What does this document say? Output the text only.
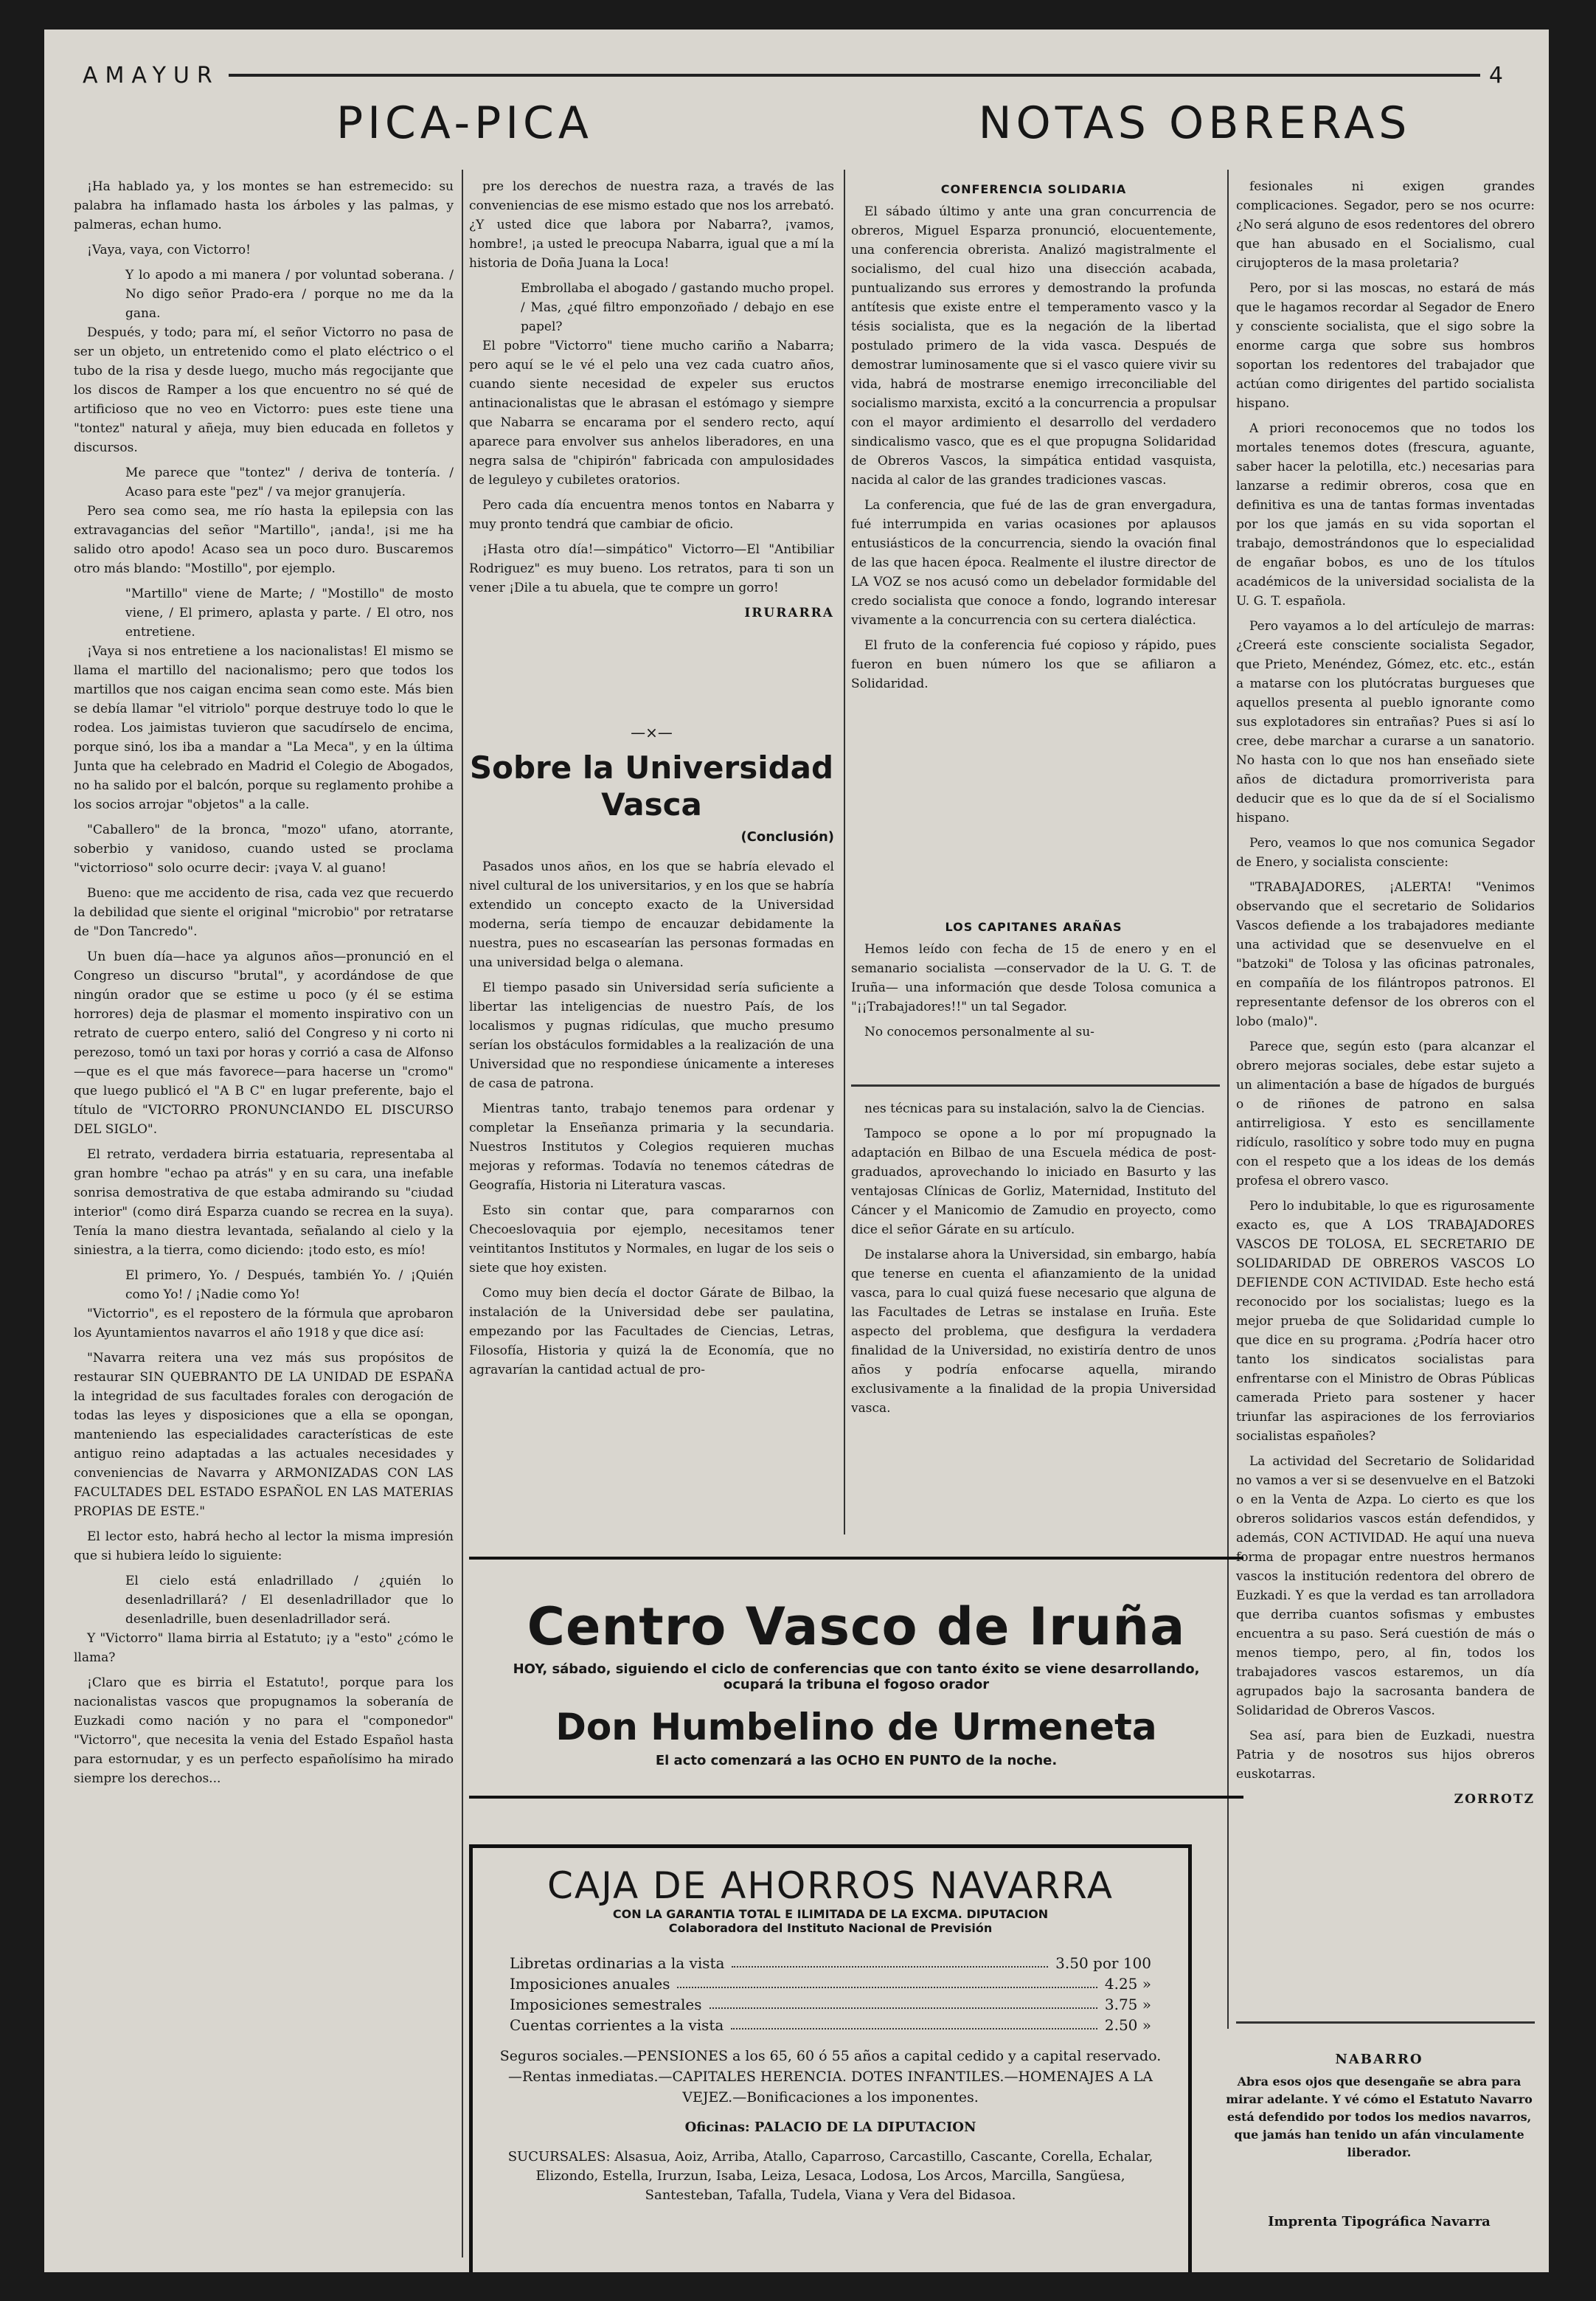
AMAYUR	4
PICA-PICA	NOTAS OBRERAS

¡Ha hablado ya, y los montes se han estremecido: su palabra ha inflamado hasta los árboles y las palmas, y palmeras, echan humo.

¡Vaya, vaya, con Victorro!

Y lo apodo a mi manera / por voluntad soberana. / No digo señor Prado-era / porque no me da la gana.

Después, y todo; para mí, el señor Victorro no pasa de ser un objeto, un entretenido como el plato eléctrico o el tubo de la risa y desde luego, mucho más regocijante que los discos de Ramper a los que encuentro no sé qué de artificioso que no veo en Victorro: pues este tiene una "tontez" natural y añeja, muy bien educada en folletos y discursos.

Me parece que "tontez" / deriva de tontería. / Acaso para este "pez" / va mejor granujería.

Pero sea como sea, me río hasta la epilepsia con las extravagancias del señor "Martillo", ¡anda!, ¡si me ha salido otro apodo! Acaso sea un poco duro. Buscaremos otro más blando: "Mostillo", por ejemplo.

"Martillo" viene de Marte; / "Mostillo" de mosto viene, / El primero, aplasta y parte. / El otro, nos entretiene.

¡Vaya si nos entretiene a los nacionalistas! El mismo se llama el martillo del nacionalismo; pero que todos los martillos que nos caigan encima sean como este. Más bien se debía llamar "el vitriolo" porque destruye todo lo que le rodea. Los jaimistas tuvieron que sacudírselo de encima, porque sinó, los iba a mandar a "La Meca", y en la última Junta que ha celebrado en Madrid el Colegio de Abogados, no ha salido por el balcón, porque su reglamento prohibe a los socios arrojar "objetos" a la calle.

"Caballero" de la bronca, "mozo" ufano, atorrante, soberbio y vanidoso, cuando usted se proclama "victorrioso" solo ocurre decir: ¡vaya V. al guano!

Bueno: que me accidento de risa, cada vez que recuerdo la debilidad que siente el original "microbio" por retratarse de "Don Tancredo".

Un buen día—hace ya algunos años—pronunció en el Congreso un discurso "brutal", y acordándose de que ningún orador que se estime u poco (y él se estima horrores) deja de plasmar el momento inspirativo con un retrato de cuerpo entero, salió del Congreso y ni corto ni perezoso, tomó un taxi por horas y corrió a casa de Alfonso—que es el que más favorece—para hacerse un "cromo" que luego publicó el "A B C" en lugar preferente, bajo el título de "VICTORRO PRONUNCIANDO EL DISCURSO DEL SIGLO".

El retrato, verdadera birria estatuaria, representaba al gran hombre "echao pa atrás" y en su cara, una inefable sonrisa demostrativa de que estaba admirando su "ciudad interior" (como dirá Esparza cuando se recrea en la suya). Tenía la mano diestra levantada, señalando al cielo y la siniestra, a la tierra, como diciendo: ¡todo esto, es mío!

El primero, Yo. / Después, también Yo. / ¡Quién como Yo! / ¡Nadie como Yo!

"Victorrio", es el repostero de la fórmula que aprobaron los Ayuntamientos navarros el año 1918 y que dice así:

"Navarra reitera una vez más sus propósitos de restaurar SIN QUEBRANTO DE LA UNIDAD DE ESPAÑA la integridad de sus facultades forales con derogación de todas las leyes y disposiciones que a ella se opongan, manteniendo las especialidades características de este antiguo reino adaptadas a las actuales necesidades y conveniencias de Navarra y ARMONIZADAS CON LAS FACULTADES DEL ESTADO ESPAÑOL EN LAS MATERIAS PROPIAS DE ESTE."

El lector esto, habrá hecho al lector la misma impresión que si hubiera leído lo siguiente:

El cielo está enladrillado / ¿quién lo desenladrillará? / El desenladrillador que lo desenladrille, buen desenladrillador será.

Y "Victorro" llama birria al Estatuto; ¡y a "esto" ¿cómo le llama?

¡Claro que es birria el Estatuto!, porque para los nacionalistas vascos que propugnamos la soberanía de Euzkadi como nación y no para el "componedor" "Victorro", que necesita la venia del Estado Español hasta para estornudar, y es un perfecto españolísimo ha mirado siempre los derechos...

pre los derechos de nuestra raza, a través de las conveniencias de ese mismo estado que nos los arrebató. ¿Y usted dice que labora por Nabarra?, ¡vamos, hombre!, ¡a usted le preocupa Nabarra, igual que a mí la historia de Doña Juana la Loca!

Embrollaba el abogado / gastando mucho propel. / Mas, ¿qué filtro emponzoñado / debajo en ese papel?

El pobre "Victorro" tiene mucho cariño a Nabarra; pero aquí se le vé el pelo una vez cada cuatro años, cuando siente necesidad de expeler sus eructos antinacionalistas que le abrasan el estómago y siempre que Nabarra se encarama por el sendero recto, aquí aparece para envolver sus anhelos liberadores, en una negra salsa de "chipirón" fabricada con ampulosidades de leguleyo y cubiletes oratorios.

Pero cada día encuentra menos tontos en Nabarra y muy pronto tendrá que cambiar de oficio.

¡Hasta otro día!—simpático" Victorro—El "Antibiliar Rodriguez" es muy bueno. Los retratos, para ti son un vener ¡Dile a tu abuela, que te compre un gorro!

IRURARRA
—×—
Sobre la Universidad Vasca
(Conclusión)

Pasados unos años, en los que se habría elevado el nivel cultural de los universitarios, y en los que se habría extendido un concepto exacto de la Universidad moderna, sería tiempo de encauzar debidamente la nuestra, pues no escasearían las personas formadas en una universidad belga o alemana.

El tiempo pasado sin Universidad sería suficiente a libertar las inteligencias de nuestro País, de los localismos y pugnas ridículas, que mucho presumo serían los obstáculos formidables a la realización de una Universidad que no respondiese únicamente a intereses de casa de patrona.

Mientras tanto, trabajo tenemos para ordenar y completar la Enseñanza primaria y la secundaria. Nuestros Institutos y Colegios requieren muchas mejoras y reformas. Todavía no tenemos cátedras de Geografía, Historia ni Literatura vascas.

Esto sin contar que, para compararnos con Checoeslovaquia por ejemplo, necesitamos tener veintitantos Institutos y Normales, en lugar de los seis o siete que hoy existen.

Como muy bien decía el doctor Gárate de Bilbao, la instalación de la Universidad debe ser paulatina, empezando por las Facultades de Ciencias, Letras, Filosofía, Historia y quizá la de Economía, que no agravarían la cantidad actual de pro-

CONFERENCIA SOLIDARIA

El sábado último y ante una gran concurrencia de obreros, Miguel Esparza pronunció, elocuentemente, una conferencia obrerista. Analizó magistralmente el socialismo, del cual hizo una disección acabada, puntualizando sus errores y demostrando la profunda antítesis que existe entre el temperamento vasco y la tésis socialista, que es la negación de la libertad postulado primero de la vida vasca. Después de demostrar luminosamente que si el vasco quiere vivir su vida, habrá de mostrarse enemigo irreconciliable del socialismo marxista, excitó a la concurrencia a propulsar con el mayor ardimiento el desarrollo del verdadero sindicalismo vasco, que es el que propugna Solidaridad de Obreros Vascos, la simpática entidad vasquista, nacida al calor de las grandes tradiciones vascas.

La conferencia, que fué de las de gran envergadura, fué interrumpida en varias ocasiones por aplausos entusiásticos de la concurrencia, siendo la ovación final de las que hacen época. Realmente el ilustre director de LA VOZ se nos acusó como un debelador formidable del credo socialista que conoce a fondo, logrando interesar vivamente a la concurrencia con su certera dialéctica.

El fruto de la conferencia fué copioso y rápido, pues fueron en buen número los que se afiliaron a Solidaridad.

LOS CAPITANES ARAÑAS

Hemos leído con fecha de 15 de enero y en el semanario socialista —conservador de la U. G. T. de Iruña— una información que desde Tolosa comunica a "¡¡Trabajadores!!" un tal Segador.

No conocemos personalmente al su-

nes técnicas para su instalación, salvo la de Ciencias.

Tampoco se opone a lo por mí propugnado la adaptación en Bilbao de una Escuela médica de post-graduados, aprovechando lo iniciado en Basurto y las ventajosas Clínicas de Gorliz, Maternidad, Instituto del Cáncer y el Manicomio de Zamudio en proyecto, como dice el señor Gárate en su artículo.

De instalarse ahora la Universidad, sin embargo, había que tenerse en cuenta el afianzamiento de la unidad vasca, para lo cual quizá fuese necesario que alguna de las Facultades de Letras se instalase en Iruña. Este aspecto del problema, que desfigura la verdadera finalidad de la Universidad, no existiría dentro de unos años y podría enfocarse aquella, mirando exclusivamente a la finalidad de la propia Universidad vasca.

fesionales ni exigen grandes complicaciones. Segador, pero se nos ocurre: ¿No será alguno de esos redentores del obrero que han abusado en el Socialismo, cual cirujopteros de la masa proletaria?

Pero, por si las moscas, no estará de más que le hagamos recordar al Segador de Enero y consciente socialista, que el sigo sobre la enorme carga que sobre sus hombros soportan los redentores del trabajador que actúan como dirigentes del partido socialista hispano.

A priori reconocemos que no todos los mortales tenemos dotes (frescura, aguante, saber hacer la pelotilla, etc.) necesarias para lanzarse a redimir obreros, cosa que en definitiva es una de tantas formas inventadas por los que jamás en su vida soportan el trabajo, demostrándonos que lo especialidad de engañar bobos, es uno de los títulos académicos de la universidad socialista de la U. G. T. española.

Pero vayamos a lo del artículejo de marras: ¿Creerá este consciente socialista Segador, que Prieto, Menéndez, Gómez, etc. etc., están a matarse con los plutócratas burgueses que aquellos presenta al pueblo ignorante como sus explotadores sin entrañas? Pues si así lo cree, debe marchar a curarse a un sanatorio. No hasta con lo que nos han enseñado siete años de dictadura promorriverista para deducir que es lo que da de sí el Socialismo hispano.

Pero, veamos lo que nos comunica Segador de Enero, y socialista consciente:

"TRABAJADORES, ¡ALERTA! "Venimos observando que el secretario de Solidarios Vascos defiende a los trabajadores mediante una actividad que se desenvuelve en el "batzoki" de Tolosa y las oficinas patronales, en compañía de los filántropos patronos. El representante defensor de los obreros con el lobo (malo)".

Parece que, según esto (para alcanzar el obrero mejoras sociales, debe estar sujeto a un alimentación a base de hígados de burgués o de riñones de patrono en salsa antirreligiosa. Y esto es sencillamente ridículo, rasolítico y sobre todo muy en pugna con el respeto que a los ideas de los demás profesa el obrero vasco.

Pero lo indubitable, lo que es rigurosamente exacto es, que A LOS TRABAJADORES VASCOS DE TOLOSA, EL SECRETARIO DE SOLIDARIDAD DE OBREROS VASCOS LO DEFIENDE CON ACTIVIDAD. Este hecho está reconocido por los socialistas; luego es la mejor prueba de que Solidaridad cumple lo que dice en su programa. ¿Podría hacer otro tanto los sindicatos socialistas para enfrentarse con el Ministro de Obras Públicas camerada Prieto para sostener y hacer triunfar las aspiraciones de los ferroviarios socialistas españoles?

La actividad del Secretario de Solidaridad no vamos a ver si se desenvuelve en el Batzoki o en la Venta de Azpa. Lo cierto es que los obreros solidarios vascos están defendidos, y además, CON ACTIVIDAD. He aquí una nueva forma de propagar entre nuestros hermanos vascos la institución redentora del obrero de Euzkadi. Y es que la verdad es tan arrolladora que derriba cuantos sofismas y embustes encuentra a su paso. Será cuestión de más o menos tiempo, pero, al fin, todos los trabajadores vascos estaremos, un día agrupados bajo la sacrosanta bandera de Solidaridad de Obreros Vascos.

Sea así, para bien de Euzkadi, nuestra Patria y de nosotros sus hijos obreros euskotarras.

ZORROTZ
NABARRO
Abra esos ojos que desengañe se abra para mirar adelante. Y vé cómo el Estatuto Navarro está defendido por todos los medios navarros, que jamás han tenido un afán vinculamente liberador.
Imprenta Tipográfica Navarra
Centro Vasco de Iruña
HOY, sábado, siguiendo el ciclo de conferencias que con tanto éxito se viene desarrollando, ocupará la tribuna el fogoso orador
Don Humbelino de Urmeneta
El acto comenzará a las OCHO EN PUNTO de la noche.
CAJA DE AHORROS NAVARRA
CON LA GARANTIA TOTAL E ILIMITADA DE LA EXCMA. DIPUTACION
Colaboradora del Instituto Nacional de Previsión
Libretas ordinarias a la vista	3.50 por 100
Imposiciones anuales	4.25 »
Imposiciones semestrales	3.75 »
Cuentas corrientes a la vista	2.50 »
Seguros sociales.—PENSIONES a los 65, 60 ó 55 años a capital cedido y a capital reservado.—Rentas inmediatas.—CAPITALES HERENCIA. DOTES INFANTILES.—HOMENAJES A LA VEJEZ.—Bonificaciones a los imponentes.
Oficinas: PALACIO DE LA DIPUTACION
SUCURSALES: Alsasua, Aoiz, Arriba, Atallo, Caparroso, Carcastillo, Cascante, Corella, Echalar, Elizondo, Estella, Irurzun, Isaba, Leiza, Lesaca, Lodosa, Los Arcos, Marcilla, Sangüesa, Santesteban, Tafalla, Tudela, Viana y Vera del Bidasoa.
